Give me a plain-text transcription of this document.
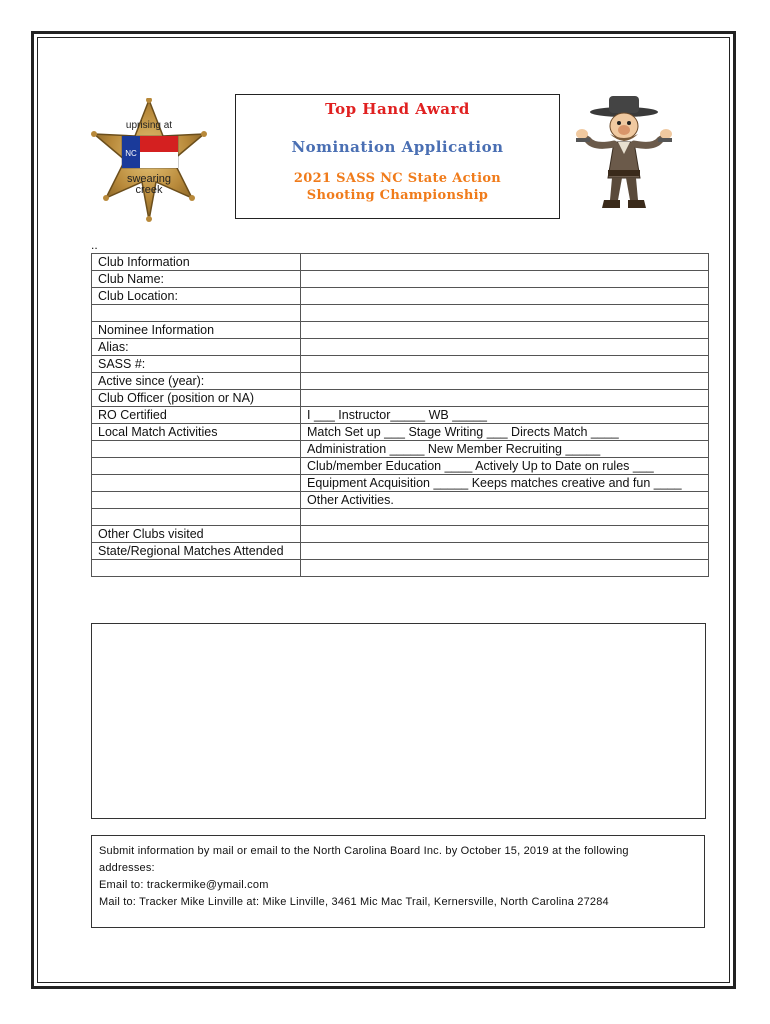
uprising at
NC
swearing
creek
Top Hand Award
Nomination Application
2021 SASS NC State Action
Shooting Championship
..
Club Information	
Club Name:	
Club Location:	

Nominee Information	
Alias:	
SASS #:	
Active since (year):	
Club Officer (position or NA)	
RO Certified	I ___ Instructor_____ WB _____
Local Match Activities	Match Set up ___ Stage Writing ___ Directs Match ____
	Administration _____ New Member Recruiting _____
	Club/member Education ____ Actively Up to Date on rules ___
	Equipment Acquisition _____ Keeps matches creative and fun ____
	Other Activities.

Other Clubs visited	
State/Regional Matches Attended	

Submit information by mail or email to the North Carolina Board Inc. by October 15, 2019 at the following
addresses:
Email to: trackermike@ymail.com
Mail to: Tracker Mike Linville at: Mike Linville, 3461 Mic Mac Trail, Kernersville, North Carolina 27284
